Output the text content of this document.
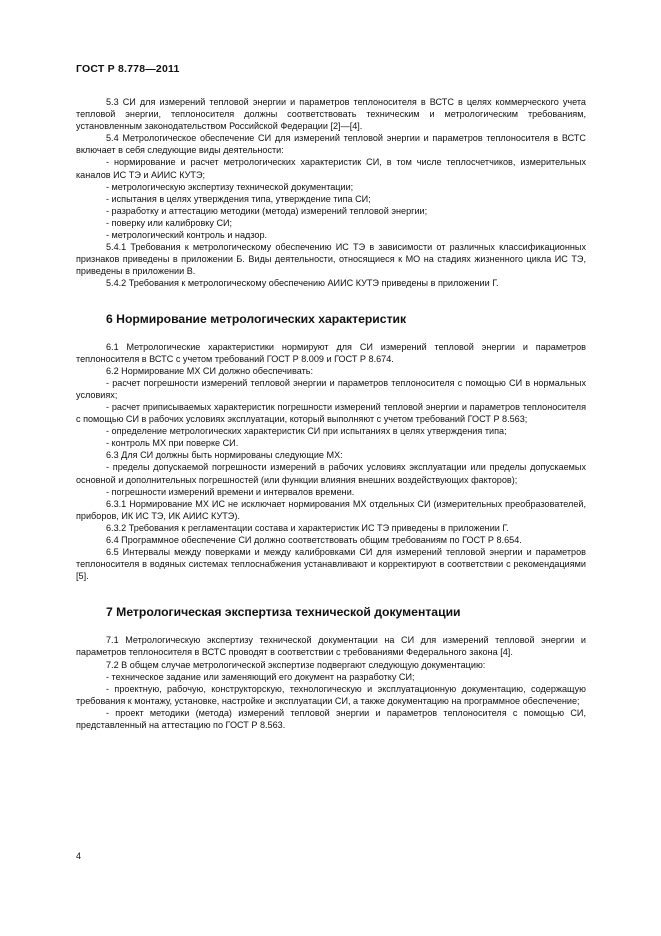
ГОСТ Р 8.778—2011

5.3 СИ для измерений тепловой энергии и параметров теплоносителя в ВСТС в целях коммерческого учета тепловой энергии, теплоносителя должны соответствовать техническим и метрологическим требованиям, установленным законодательством Российской Федерации [2]—[4].

5.4 Метрологическое обеспечение СИ для измерений тепловой энергии и параметров теплоносителя в ВСТС включает в себя следующие виды деятельности:

- нормирование и расчет метрологических характеристик СИ, в том числе теплосчетчиков, измерительных каналов ИС ТЭ и АИИС КУТЭ;

- метрологическую экспертизу технической документации;

- испытания в целях утверждения типа, утверждение типа СИ;

- разработку и аттестацию методики (метода) измерений тепловой энергии;

- поверку или калибровку СИ;

- метрологический контроль и надзор.

5.4.1 Требования к метрологическому обеспечению ИС ТЭ в зависимости от различных классификационных признаков приведены в приложении Б. Виды деятельности, относящиеся к МО на стадиях жизненного цикла ИС ТЭ, приведены в приложении В.

5.4.2 Требования к метрологическому обеспечению АИИС КУТЭ приведены в приложении Г.

6 Нормирование метрологических характеристик

6.1 Метрологические характеристики нормируют для СИ измерений тепловой энергии и параметров теплоносителя в ВСТС с учетом требований ГОСТ Р 8.009 и ГОСТ Р 8.674.

6.2 Нормирование МХ СИ должно обеспечивать:

- расчет погрешности измерений тепловой энергии и параметров теплоносителя с помощью СИ в нормальных условиях;

- расчет приписываемых характеристик погрешности измерений тепловой энергии и параметров теплоносителя с помощью СИ в рабочих условиях эксплуатации, который выполняют с учетом требований ГОСТ Р 8.563;

- определение метрологических характеристик СИ при испытаниях в целях утверждения типа;

- контроль МХ при поверке СИ.

6.3 Для СИ должны быть нормированы следующие МХ:

- пределы допускаемой погрешности измерений в рабочих условиях эксплуатации или пределы допускаемых основной и дополнительных погрешностей (или функции влияния внешних воздействующих факторов);

- погрешности измерений времени и интервалов времени.

6.3.1 Нормирование МХ ИС не исключает нормирования МХ отдельных СИ (измерительных преобразователей, приборов, ИК ИС ТЭ, ИК АИИС КУТЭ).

6.3.2 Требования к регламентации состава и характеристик ИС ТЭ приведены в приложении Г.

6.4 Программное обеспечение СИ должно соответствовать общим требованиям по ГОСТ Р 8.654.

6.5 Интервалы между поверками и между калибровками СИ для измерений тепловой энергии и параметров теплоносителя в водяных системах теплоснабжения устанавливают и корректируют в соответствии с рекомендациями [5].

7 Метрологическая экспертиза технической документации

7.1 Метрологическую экспертизу технической документации на СИ для измерений тепловой энергии и параметров теплоносителя в ВСТС проводят в соответствии с требованиями Федерального закона [4].

7.2 В общем случае метрологической экспертизе подвергают следующую документацию:

- техническое задание или заменяющий его документ на разработку СИ;

- проектную, рабочую, конструкторскую, технологическую и эксплуатационную документацию, содержащую требования к монтажу, установке, настройке и эксплуатации СИ, а также документацию на программное обеспечение;

- проект методики (метода) измерений тепловой энергии и параметров теплоносителя с помощью СИ, представленный на аттестацию по ГОСТ Р 8.563.

4
